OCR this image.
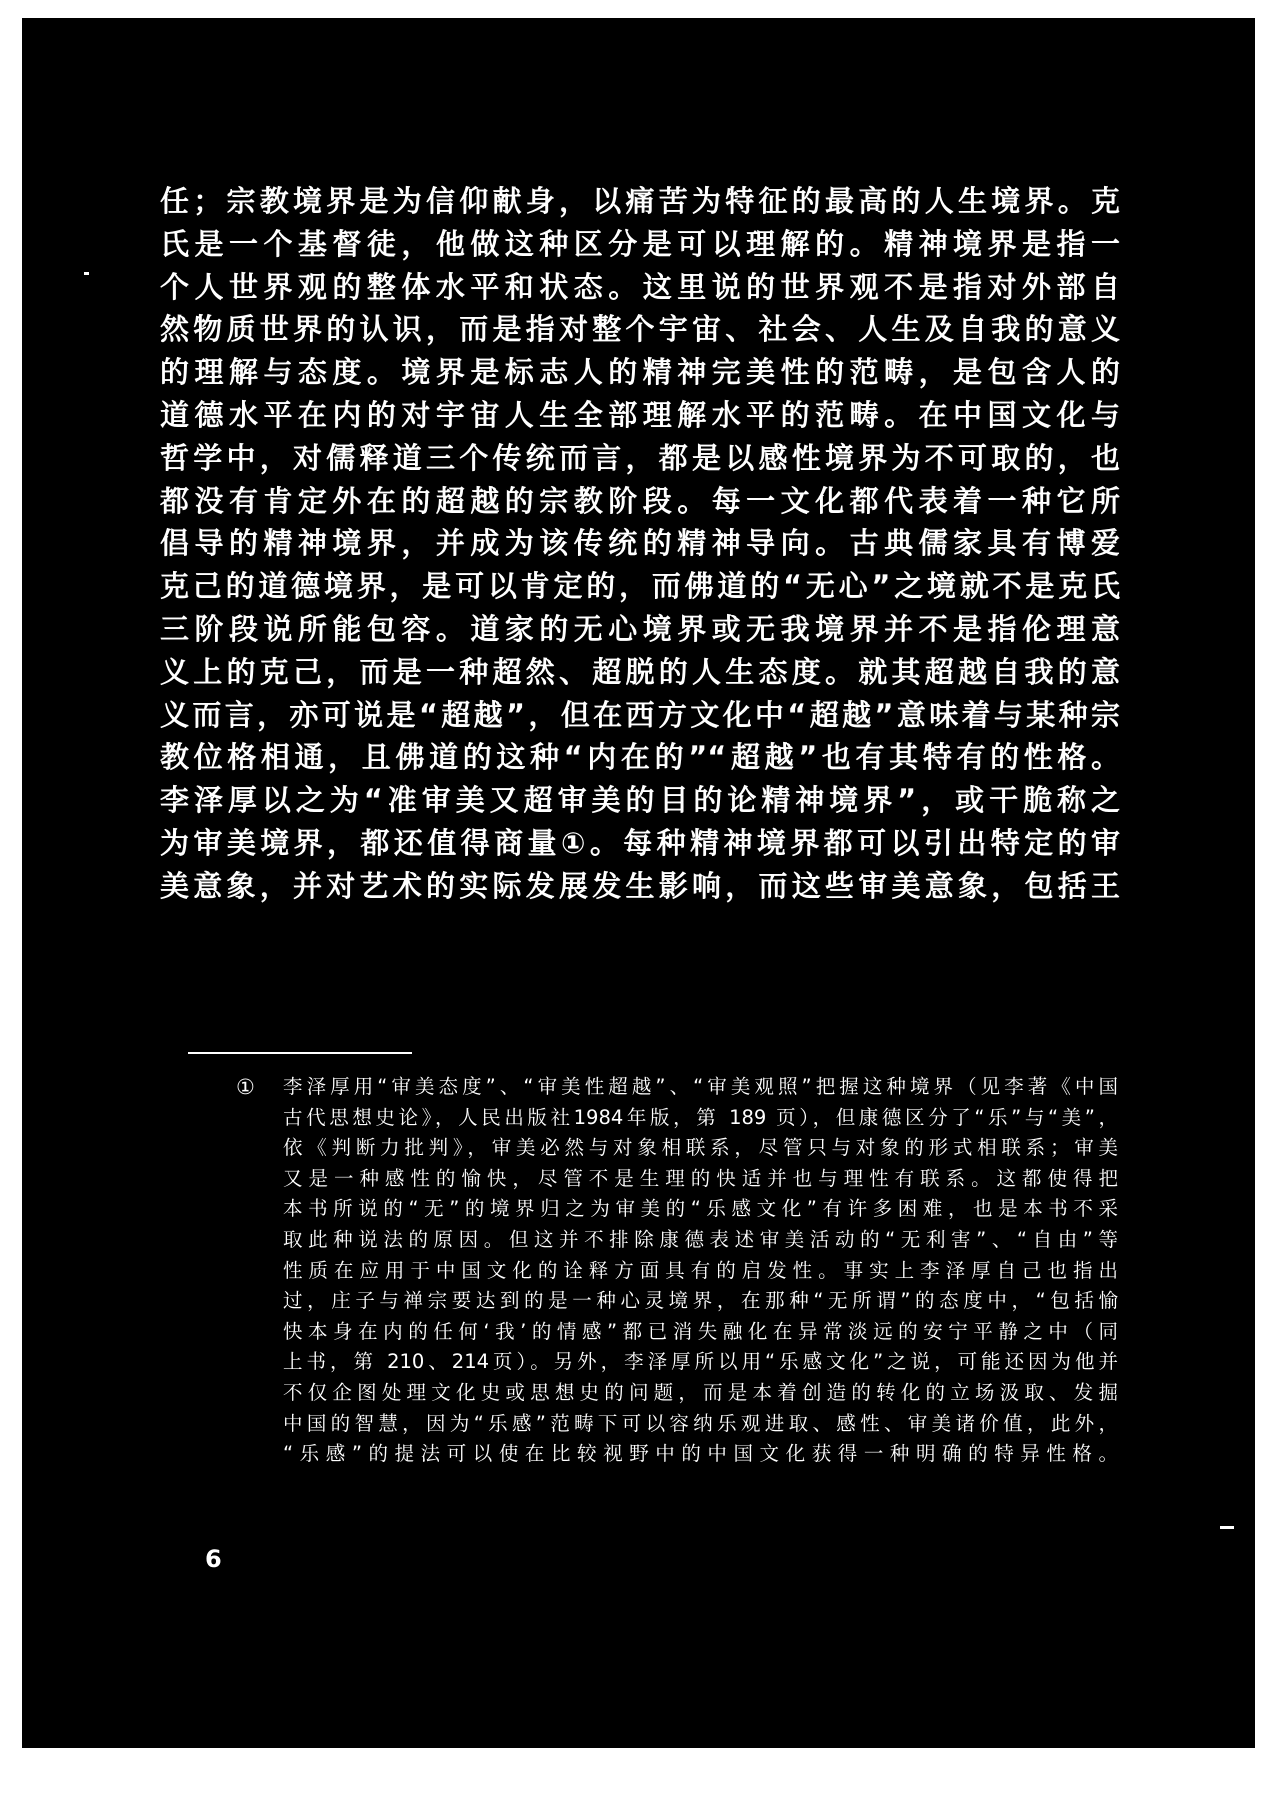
任；宗教境界是为信仰献身，以痛苦为特征的最高的人生境界。克
氏是一个基督徒，他做这种区分是可以理解的。精神境界是指一
个人世界观的整体水平和状态。这里说的世界观不是指对外部自
然物质世界的认识，而是指对整个宇宙、社会、人生及自我的意义
的理解与态度。境界是标志人的精神完美性的范畴，是包含人的
道德水平在内的对宇宙人生全部理解水平的范畴。在中国文化与
哲学中，对儒释道三个传统而言，都是以感性境界为不可取的，也
都没有肯定外在的超越的宗教阶段。每一文化都代表着一种它所
倡导的精神境界，并成为该传统的精神导向。古典儒家具有博爱
克己的道德境界，是可以肯定的，而佛道的“无心”之境就不是克氏
三阶段说所能包容。道家的无心境界或无我境界并不是指伦理意
义上的克己，而是一种超然、超脱的人生态度。就其超越自我的意
义而言，亦可说是“超越”，但在西方文化中“超越”意味着与某种宗
教位格相通，且佛道的这种“内在的”“超越”也有其特有的性格。
李泽厚以之为“准审美又超审美的目的论精神境界”，或干脆称之
为审美境界，都还值得商量①。每种精神境界都可以引出特定的审
美意象，并对艺术的实际发展发生影响，而这些审美意象，包括王
① 李泽厚用“审美态度”、“审美性超越”、“审美观照”把握这种境界（见李著《中国
古代思想史论》，人民出版社1984年版，第 189 页），但康德区分了“乐”与“美”，
依《判断力批判》，审美必然与对象相联系，尽管只与对象的形式相联系；审美
又是一种感性的愉快，尽管不是生理的快适并也与理性有联系。这都使得把
本书所说的“无”的境界归之为审美的“乐感文化”有许多困难，也是本书不采
取此种说法的原因。但这并不排除康德表述审美活动的“无利害”、“自由”等
性质在应用于中国文化的诠释方面具有的启发性。事实上李泽厚自己也指出
过，庄子与禅宗要达到的是一种心灵境界，在那种“无所谓”的态度中，“包括愉
快本身在内的任何‘我’的情感”都已消失融化在异常淡远的安宁平静之中（同
上书，第 210、214页）。另外，李泽厚所以用“乐感文化”之说，可能还因为他并
不仅企图处理文化史或思想史的问题，而是本着创造的转化的立场汲取、发掘
中国的智慧，因为“乐感”范畴下可以容纳乐观进取、感性、审美诸价值，此外，
“乐感”的提法可以使在比较视野中的中国文化获得一种明确的特异性格。
6
